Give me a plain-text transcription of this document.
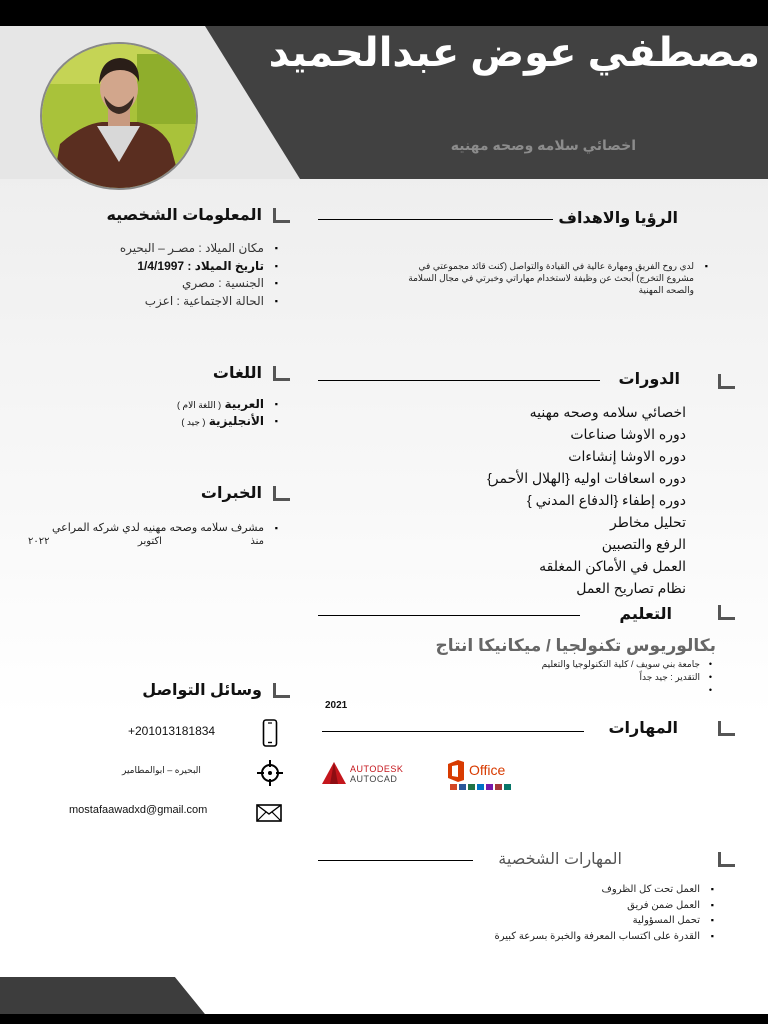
مصطفي عوض عبدالحميد
اخصائي سلامه وصحه مهنيه
المعلومات الشخصيه
▪ مكان الميلاد : مصـر – البحيره
▪ تاريخ الميلاد : 1/4/1997
▪ الجنسية : مصري
▪ الحالة الاجتماعية : اعزب
الرؤيا والاهداف
▪ لدي روح الفريق ومهارة عالية في القيادة والتواصل (كنت قائد مجموعتي في مشروع التخرج) أبحث عن وظيفة لاستخدام مهاراتي وخبرتي في مجال السلامة والصحه المهنية
اللغات
▪ العربية ( اللغة الام )
▪ الأنجليزية ( جيد )
الدورات
اخصائي سلامه وصحه مهنيه
دوره الاوشا صناعات
دوره الاوشا إنشاءات
دوره اسعافات اوليه {الهلال الأحمر}
دوره إطفاء {الدفاع المدني }
تحليل مخاطر
الرفع والتصبين
العمل في الأماكن المغلقه
نظام تصاريح العمل
الخبرات
▪ مشرف سلامه وصحه مهنيه لدي شركه المراعي
منذ
اكتوبر
٢٠٢٢
التعليم
بكالوريوس تكنولجيا / ميكانيكا انتاج
• جامعة بني سويف / كلية التكنولوجيا والتعليم
• التقدير : جيد جداً
•
2021
وسائل التواصل
+201013181834
البحيره – ابوالمطامير
mostafaawadxd@gmail.com
المهارات
AUTODESK
AUTOCAD
Office
المهارات الشخصية
▪ العمل تحت كل الظروف
▪ العمل ضمن فريق
▪ تحمل المسؤولية
▪ القدرة على اكتساب المعرفة والخبرة بسرعة كبيرة
